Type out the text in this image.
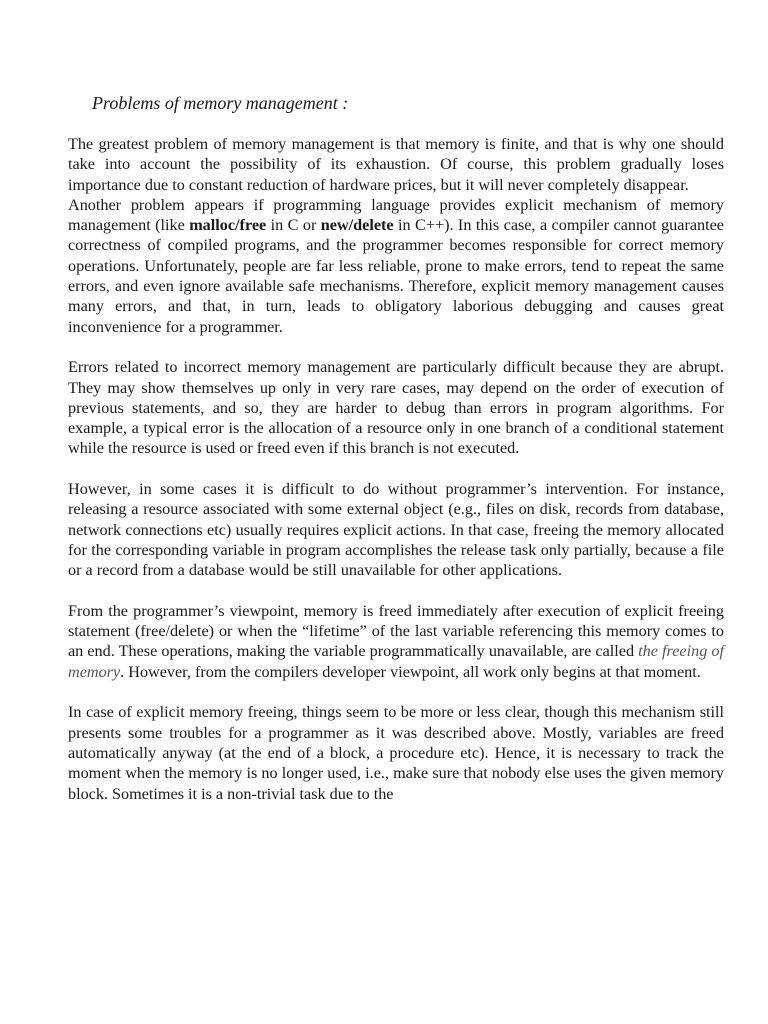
Problems of memory management :

The greatest problem of memory management is that memory is finite, and that is why one should take into account the possibility of its exhaustion. Of course, this problem gradually loses importance due to constant reduction of hardware prices, but it will never completely disappear.

Another problem appears if programming language provides explicit mechanism of memory management (like malloc/free in C or new/delete in C++). In this case, a compiler cannot guarantee correctness of compiled programs, and the programmer becomes responsible for correct memory operations. Unfortunately, people are far less reliable, prone to make errors, tend to repeat the same errors, and even ignore available safe mechanisms. Therefore, explicit memory management causes many errors, and that, in turn, leads to obligatory laborious debugging and causes great inconvenience for a programmer.

Errors related to incorrect memory management are particularly difficult because they are abrupt. They may show themselves up only in very rare cases, may depend on the order of execution of previous statements, and so, they are harder to debug than errors in program algorithms. For example, a typical error is the allocation of a resource only in one branch of a conditional statement while the resource is used or freed even if this branch is not executed.

However, in some cases it is difficult to do without programmer’s intervention. For instance, releasing a resource associated with some external object (e.g., files on disk, records from database, network connections etc) usually requires explicit actions. In that case, freeing the memory allocated for the corresponding variable in program accomplishes the release task only partially, because a file or a record from a database would be still unavailable for other applications.

From the programmer’s viewpoint, memory is freed immediately after execution of explicit freeing statement (free/delete) or when the “lifetime” of the last variable referencing this memory comes to an end. These operations, making the variable programmatically unavailable, are called the freeing of memory. However, from the compilers developer viewpoint, all work only begins at that moment.

In case of explicit memory freeing, things seem to be more or less clear, though this mechanism still presents some troubles for a programmer as it was described above. Mostly, variables are freed automatically anyway (at the end of a block, a procedure etc). Hence, it is necessary to track the moment when the memory is no longer used, i.e., make sure that nobody else uses the given memory block. Sometimes it is a non-trivial task due to the
